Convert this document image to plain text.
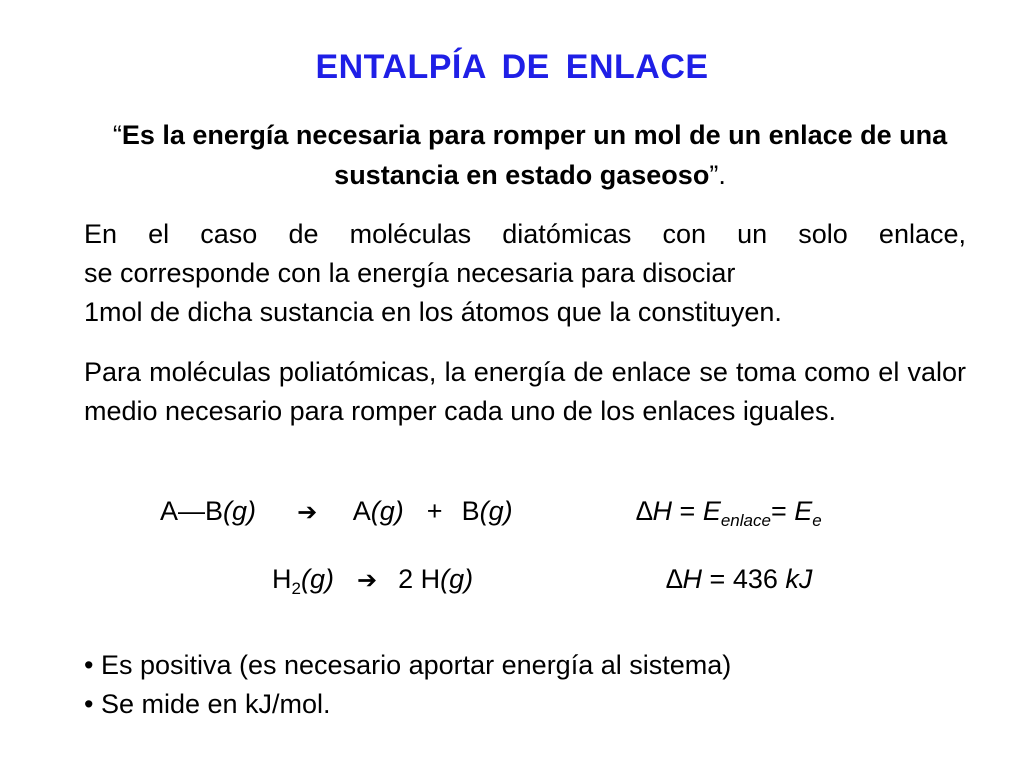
ENTALPÍA DE ENLACE
“Es la energía necesaria para romper un mol de un enlace de una sustancia en estado gaseoso”.
En el caso de moléculas diatómicas con un solo enlace,
se corresponde con la energía necesaria para disociar
1mol de dicha sustancia en los átomos que la constituyen.
Para moléculas poliatómicas, la energía de enlace se toma como el valor medio necesario para romper cada uno de los enlaces iguales.
A—B(g) ➔ A(g) + B(g)	$\Delta H = E_{enlace}= E_e$
$H_2(g)$ ➔ 2 H(g)	∆H = 436 kJ
• Es positiva (es necesario aportar energía al sistema)
• Se mide en kJ/mol.
